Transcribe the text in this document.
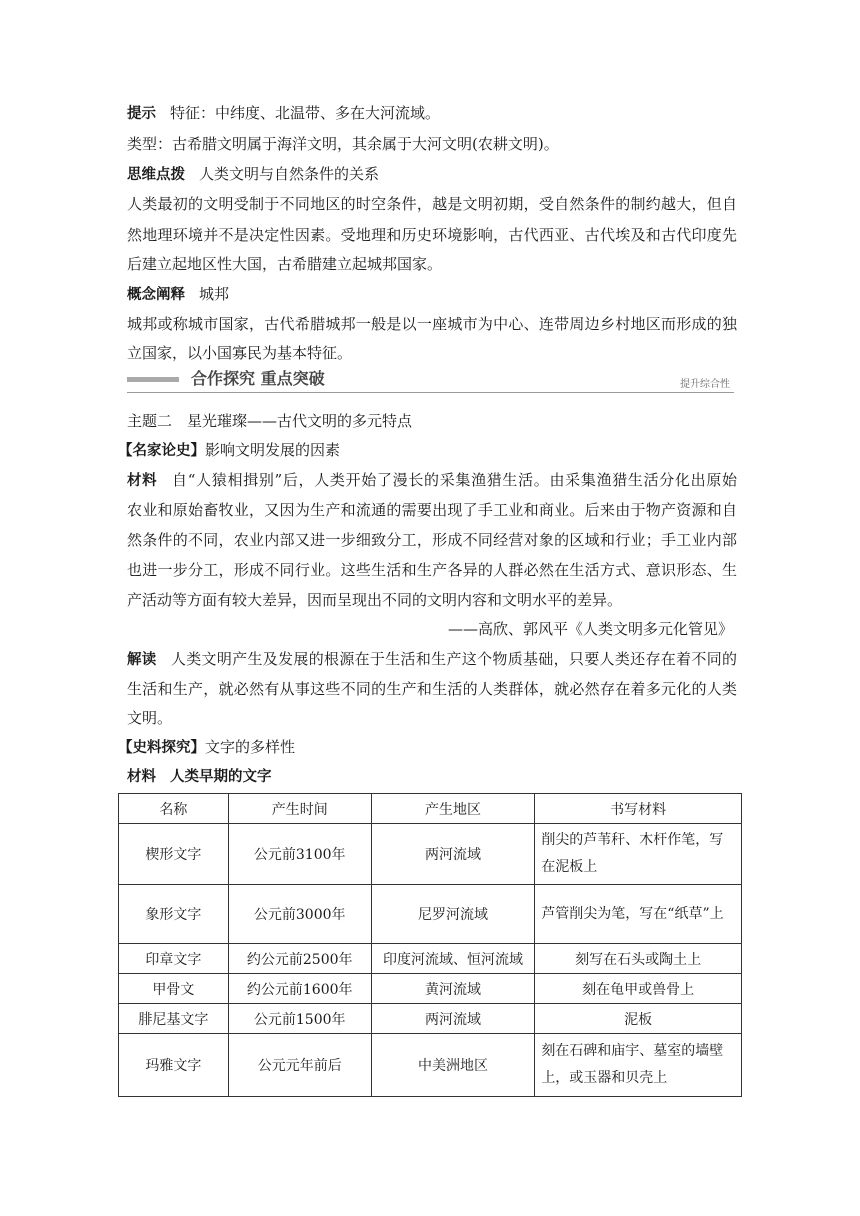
提示 特征：中纬度、北温带、多在大河流域。
类型：古希腊文明属于海洋文明，其余属于大河文明(农耕文明)。
思维点拨 人类文明与自然条件的关系
人类最初的文明受制于不同地区的时空条件，越是文明初期，受自然条件的制约越大，但自
然地理环境并不是决定性因素。受地理和历史环境影响，古代西亚、古代埃及和古代印度先
后建立起地区性大国，古希腊建立起城邦国家。
概念阐释 城邦
城邦或称城市国家，古代希腊城邦一般是以一座城市为中心、连带周边乡村地区而形成的独
立国家，以小国寡民为基本特征。
合作探究 重点突破	提升综合性
主题二　星光璀璨——古代文明的多元特点
【名家论史】影响文明发展的因素
材料 自“人猿相揖别”后，人类开始了漫长的采集渔猎生活。由采集渔猎生活分化出原始
农业和原始畜牧业，又因为生产和流通的需要出现了手工业和商业。后来由于物产资源和自
然条件的不同，农业内部又进一步细致分工，形成不同经营对象的区域和行业；手工业内部
也进一步分工，形成不同行业。这些生活和生产各异的人群必然在生活方式、意识形态、生
产活动等方面有较大差异，因而呈现出不同的文明内容和文明水平的差异。
——高欣、郭风平《人类文明多元化管见》
解读 人类文明产生及发展的根源在于生活和生产这个物质基础，只要人类还存在着不同的
生活和生产，就必然有从事这些不同的生产和生活的人类群体，就必然存在着多元化的人类
文明。
【史料探究】文字的多样性
材料 人类早期的文字
名称	产生时间	产生地区	书写材料
楔形文字	公元前3100年	两河流域	削尖的芦苇秆、木杆作笔，写在泥板上
象形文字	公元前3000年	尼罗河流域	芦管削尖为笔，写在“纸草”上
印章文字	约公元前2500年	印度河流域、恒河流域	刻写在石头或陶土上
甲骨文	约公元前1600年	黄河流域	刻在龟甲或兽骨上
腓尼基文字	公元前1500年	两河流域	泥板
玛雅文字	公元元年前后	中美洲地区	刻在石碑和庙宇、墓室的墙壁上，或玉器和贝壳上
